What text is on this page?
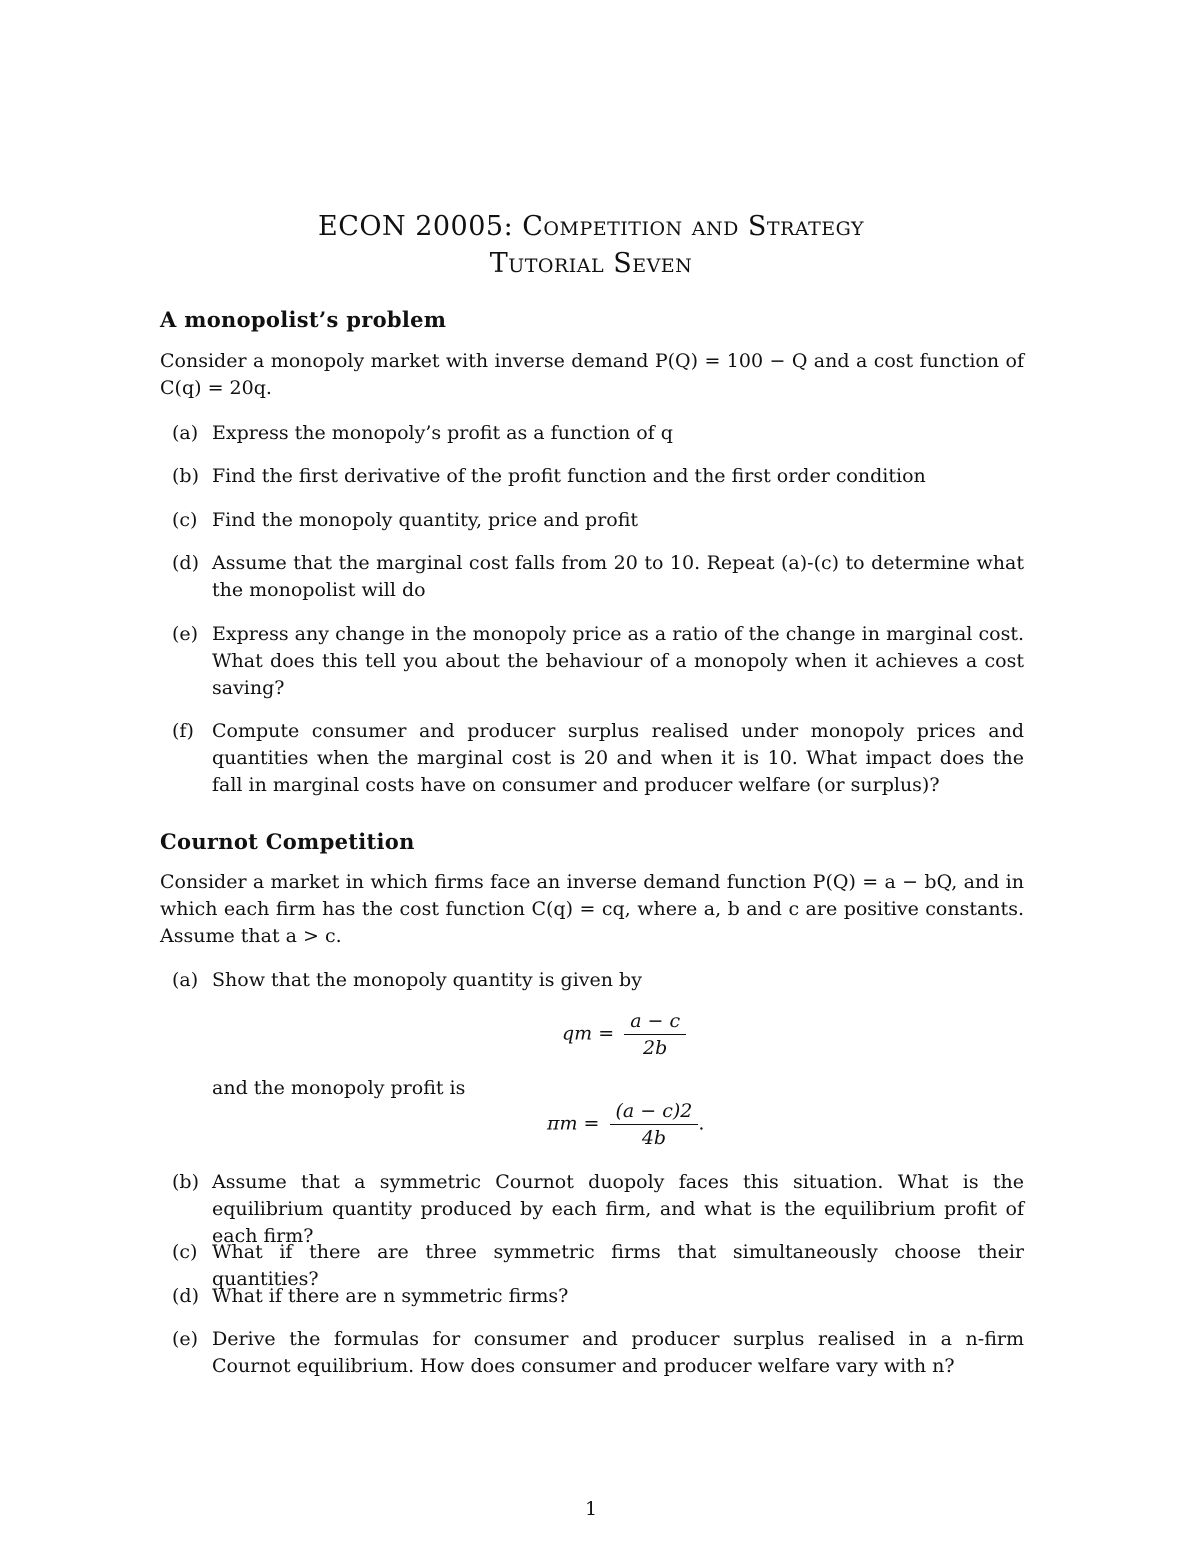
ECON 20005: Competition and Strategy
Tutorial Seven
A monopolist’s problem
Consider a monopoly market with inverse demand P(Q) = 100 − Q and a cost function of C(q) = 20q.
(a) Express the monopoly’s profit as a function of q
(b) Find the first derivative of the profit function and the first order condition
(c) Find the monopoly quantity, price and profit
(d) Assume that the marginal cost falls from 20 to 10. Repeat (a)-(c) to determine what the monopolist will do
(e) Express any change in the monopoly price as a ratio of the change in marginal cost. What does this tell you about the behaviour of a monopoly when it achieves a cost saving?
(f) Compute consumer and producer surplus realised under monopoly prices and quantities when the marginal cost is 20 and when it is 10. What impact does the fall in marginal costs have on consumer and producer welfare (or surplus)?
Cournot Competition
Consider a market in which firms face an inverse demand function P(Q) = a − bQ, and in which each firm has the cost function C(q) = cq, where a, b and c are positive constants. Assume that a > c.
(a) Show that the monopoly quantity is given by
qm = $\frac{a - c}{2b}$
and the monopoly profit is
$\pi m = \frac{(a - c)2}{4b}$ .
(b) Assume that a symmetric Cournot duopoly faces this situation. What is the equilibrium quantity produced by each firm, and what is the equilibrium profit of each firm?
(c) What if there are three symmetric firms that simultaneously choose their quantities?
(d) What if there are n symmetric firms?
(e) Derive the formulas for consumer and producer surplus realised in a n-firm Cournot equilibrium. How does consumer and producer welfare vary with n?
1
